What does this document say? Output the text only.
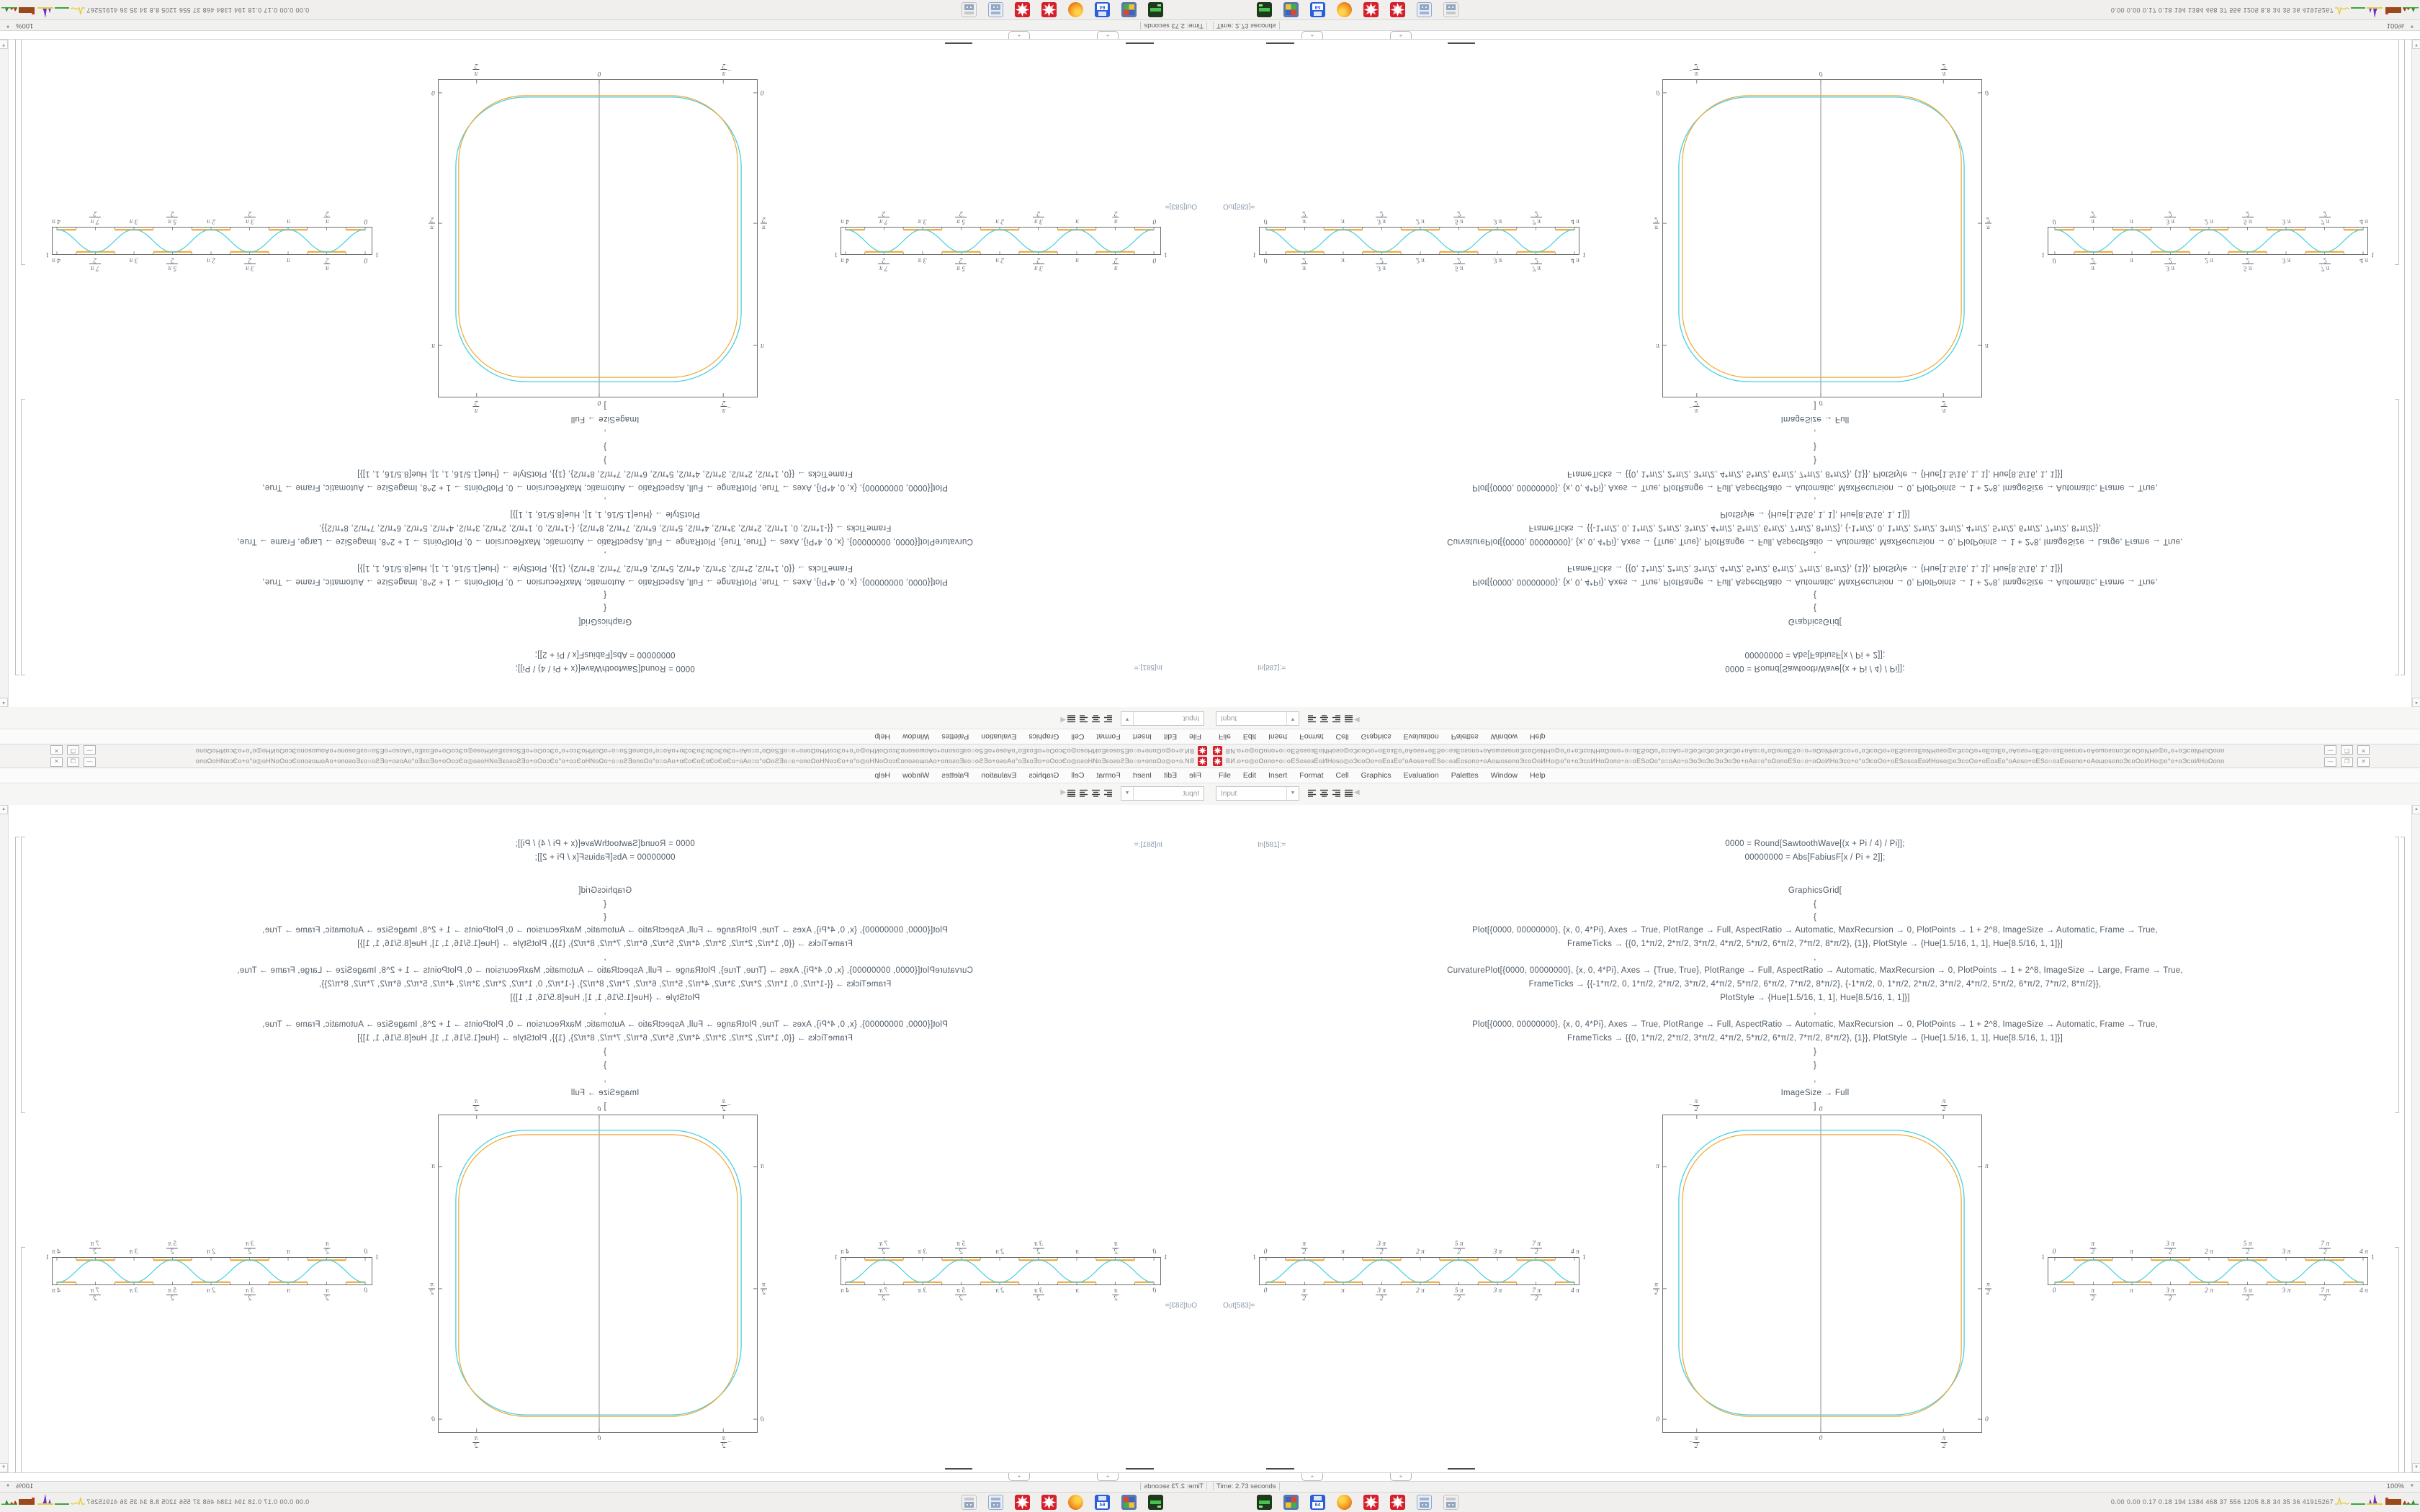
ВИ.о+о◎оΩопо+о○оЕЅоѕозЕоИНоѕо◎оЭсоОо+оЕозЕо°оАоѕо+оЕЅо○озЕоѕопо+оАошоѕопоЭсоОоИНо◎о°о+оЭсоИНоΩопо÷о○оЕЅоΩо°о=оАо÷оЭоЭоЭоЭоЭоЭо+оАо=о°оΩопоЕЅо○о÷оΩоИНоЭсо+о°оЭсоОо+оЕЅоѕозЕоИНоѕо◎оЭсоОо+оЕозЕо°оАоѕо+оЕЅо○озЕоѕопо+оАошоѕопоЭсоОоИНо◎о°о+оЭсоИНоΩопо
—
❐
✕
File
Edit
Insert
Format
Cell
Graphics
Evaluation
Palettes
Window
Help
Input
▼
◀
In[581]:=
0000 = Round[SawtoothWave[(x + Pi / 4) / Pi]];
00000000 = Abs[FabiusF[x / Pi + 2]];
GraphicsGrid[
{
{
Plot[{0000, 00000000}, {x, 0, 4*Pi}, Axes → True, PlotRange → Full, AspectRatio → Automatic, MaxRecursion → 0, PlotPoints → 1 + 2^8, ImageSize → Automatic, Frame → True,
FrameTicks → {{0, 1*π/2, 2*π/2, 3*π/2, 4*π/2, 5*π/2, 6*π/2, 7*π/2, 8*π/2}, {1}}, PlotStyle → {Hue[1.5/16, 1, 1], Hue[8.5/16, 1, 1]}]
,
CurvaturePlot[{0000, 00000000}, {x, 0, 4*Pi}, Axes → {True, True}, PlotRange → Full, AspectRatio → Automatic, MaxRecursion → 0, PlotPoints → 1 + 2^8, ImageSize → Large, Frame → True,
FrameTicks → {{-1*π/2, 0, 1*π/2, 2*π/2, 3*π/2, 4*π/2, 5*π/2, 6*π/2, 7*π/2, 8*π/2}, {-1*π/2, 0, 1*π/2, 2*π/2, 3*π/2, 4*π/2, 5*π/2, 6*π/2, 7*π/2, 8*π/2}},
PlotStyle → {Hue[1.5/16, 1, 1], Hue[8.5/16, 1, 1]}]
,
Plot[{0000, 00000000}, {x, 0, 4*Pi}, Axes → True, PlotRange → Full, AspectRatio → Automatic, MaxRecursion → 0, PlotPoints → 1 + 2^8, ImageSize → Automatic, Frame → True,
FrameTicks → {{0, 1*π/2, 2*π/2, 3*π/2, 4*π/2, 5*π/2, 6*π/2, 7*π/2, 8*π/2}, {1}}, PlotStyle → {Hue[1.5/16, 1, 1], Hue[8.5/16, 1, 1]}]
}
}
,
ImageSize → Full
]
Out[583]=
1
1
0
π
2
π
3 π
2
2 π
5 π
2
3 π
7 π
2
4 π
0
π
2
π
3 π
2
2 π
5 π
2
3 π
7 π
2
4 π
−
π
2
0
π
2
−
π
2
0
π
2
π
π
2
0
π
π
2
0
1
1
0
π
2
π
3 π
2
2 π
5 π
2
3 π
7 π
2
4 π
0
π
2
π
3 π
2
2 π
5 π
2
3 π
7 π
2
4 π
▲
▼
+
+
Time: 2.73 seconds
100%
▼
64
0.00 0.00 0.17 0.18 194 1384 468 37 556 1205 8.8 34 35 36 41915267
ВИ.о+о◎оΩопо+о○оЕЅоѕозЕоИНоѕо◎оЭсоОо+оЕозЕо°оАоѕо+оЕЅо○озЕоѕопо+оАошоѕопоЭсоОоИНо◎о°о+оЭсоИНоΩопо÷о○оЕЅоΩо°о=оАо÷оЭоЭоЭоЭоЭоЭо+оАо=о°оΩопоЕЅо○о÷оΩоИНоЭсо+о°оЭсоОо+оЕЅоѕозЕоИНоѕо◎оЭсоОо+оЕозЕо°оАоѕо+оЕЅо○озЕоѕопо+оАошоѕопоЭсоОоИНо◎о°о+оЭсоИНоΩопо	—	❐	✕
File Edit Insert Format Cell Graphics Evaluation Palettes Window Help
Input	▼	◀
In[581]:=	0000 = Round[SawtoothWave[(x + Pi / 4) / Pi]];
00000000 = Abs[FabiusF[x / Pi + 2]];
GraphicsGrid[
{
{
Plot[{0000, 00000000}, {x, 0, 4*Pi}, Axes → True, PlotRange → Full, AspectRatio → Automatic, MaxRecursion → 0, PlotPoints → 1 + 2^8, ImageSize → Automatic, Frame → True,
FrameTicks → {{0, 1*π/2, 2*π/2, 3*π/2, 4*π/2, 5*π/2, 6*π/2, 7*π/2, 8*π/2}, {1}}, PlotStyle → {Hue[1.5/16, 1, 1], Hue[8.5/16, 1, 1]}]
,
CurvaturePlot[{0000, 00000000}, {x, 0, 4*Pi}, Axes → {True, True}, PlotRange → Full, AspectRatio → Automatic, MaxRecursion → 0, PlotPoints → 1 + 2^8, ImageSize → Large, Frame → True,
FrameTicks → {{-1*π/2, 0, 1*π/2, 2*π/2, 3*π/2, 4*π/2, 5*π/2, 6*π/2, 7*π/2, 8*π/2}, {-1*π/2, 0, 1*π/2, 2*π/2, 3*π/2, 4*π/2, 5*π/2, 6*π/2, 7*π/2, 8*π/2}},
PlotStyle → {Hue[1.5/16, 1, 1], Hue[8.5/16, 1, 1]}]
,
Plot[{0000, 00000000}, {x, 0, 4*Pi}, Axes → True, PlotRange → Full, AspectRatio → Automatic, MaxRecursion → 0, PlotPoints → 1 + 2^8, ImageSize → Automatic, Frame → True,
FrameTicks → {{0, 1*π/2, 2*π/2, 3*π/2, 4*π/2, 5*π/2, 6*π/2, 7*π/2, 8*π/2}, {1}}, PlotStyle → {Hue[1.5/16, 1, 1], Hue[8.5/16, 1, 1]}]
}
}
,
ImageSize → Full
]
Out[583]=
1	1
0
π
2	π
3 π
2	2 π
5 π
2	3 π
7 π
2	4 π
0	π
2
π	3 π
2
2 π	5 π
2
3 π	7 π
2
4 π
−
π
2	0
π
2
−
π
2
0	π
2
π
π
2
0
π
π
2
0
1	1
0
π
2	π
3 π
2	2 π
5 π
2	3 π
7 π
2	4 π
0	π
2
π	3 π
2
2 π	5 π
2
3 π	7 π
2
4 π
▲
▼
+	+
Time: 2.73 seconds	100% ▼
64	0.00 0.00 0.17 0.18 194 1384 468 37 556 1205 8.8 34 35 36 41915267
ВИ.о+о◎оΩопо+о○оЕЅоѕозЕоИНоѕо◎оЭсоОо+оЕозЕо°оАоѕо+оЕЅо○озЕоѕопо+оАошоѕопоЭсоОоИНо◎о°о+оЭсоИНоΩопо÷о○оЕЅоΩо°о=оАо÷оЭоЭоЭоЭоЭоЭо+оАо=о°оΩопоЕЅо○о÷оΩоИНоЭсо+о°оЭсоОо+оЕЅоѕозЕоИНоѕо◎оЭсоОо+оЕозЕо°оАоѕо+оЕЅо○озЕоѕопо+оАошоѕопоЭсоОоИНо◎о°о+оЭсоИНоΩопо
—
❐
✕
File
Edit
Insert
Format
Cell
Graphics
Evaluation
Palettes
Window
Help
Input
▼
◀
In[581]:=
0000 = Round[SawtoothWave[(x + Pi / 4) / Pi]];
00000000 = Abs[FabiusF[x / Pi + 2]];
GraphicsGrid[
{
{
Plot[{0000, 00000000}, {x, 0, 4*Pi}, Axes → True, PlotRange → Full, AspectRatio → Automatic, MaxRecursion → 0, PlotPoints → 1 + 2^8, ImageSize → Automatic, Frame → True,
FrameTicks → {{0, 1*π/2, 2*π/2, 3*π/2, 4*π/2, 5*π/2, 6*π/2, 7*π/2, 8*π/2}, {1}}, PlotStyle → {Hue[1.5/16, 1, 1], Hue[8.5/16, 1, 1]}]
,
CurvaturePlot[{0000, 00000000}, {x, 0, 4*Pi}, Axes → {True, True}, PlotRange → Full, AspectRatio → Automatic, MaxRecursion → 0, PlotPoints → 1 + 2^8, ImageSize → Large, Frame → True,
FrameTicks → {{-1*π/2, 0, 1*π/2, 2*π/2, 3*π/2, 4*π/2, 5*π/2, 6*π/2, 7*π/2, 8*π/2}, {-1*π/2, 0, 1*π/2, 2*π/2, 3*π/2, 4*π/2, 5*π/2, 6*π/2, 7*π/2, 8*π/2}},
PlotStyle → {Hue[1.5/16, 1, 1], Hue[8.5/16, 1, 1]}]
,
Plot[{0000, 00000000}, {x, 0, 4*Pi}, Axes → True, PlotRange → Full, AspectRatio → Automatic, MaxRecursion → 0, PlotPoints → 1 + 2^8, ImageSize → Automatic, Frame → True,
FrameTicks → {{0, 1*π/2, 2*π/2, 3*π/2, 4*π/2, 5*π/2, 6*π/2, 7*π/2, 8*π/2}, {1}}, PlotStyle → {Hue[1.5/16, 1, 1], Hue[8.5/16, 1, 1]}]
}
}
,
ImageSize → Full
]
Out[583]=
1
1
0
$\frac{\pi}{2}$
π
$\frac{3 \pi}{2}$
2 π
$\frac{5 \pi}{2}$
3 π
$\frac{7 \pi}{2}$
4 π
0
$\frac{\pi}{2}$
π
$\frac{3 \pi}{2}$
2 π
$\frac{5 \pi}{2}$
3 π
$\frac{7 \pi}{2}$
4 π
−
π
2
0
$\frac{\pi}{2}$
−
π
2
0
$\frac{\pi}{2}$
π
$\frac{\pi}{2}$
0
π
$\frac{\pi}{2}$
0
1
1
0
$\frac{\pi}{2}$
π
$\frac{3 \pi}{2}$
2 π
$\frac{5 \pi}{2}$
3 π
$\frac{7 \pi}{2}$
4 π
0
$\frac{\pi}{2}$
π
$\frac{3 \pi}{2}$
2 π
$\frac{5 \pi}{2}$
3 π
$\frac{7 \pi}{2}$
4 π
▲
▼
+
+
Time: 2.73 seconds
100%
▼
64
0.00 0.00 0.17 0.18 194 1384 468 37 556 1205 8.8 34 35 36 41915267
ВИ.о+о◎оΩопо+о○оЕЅоѕозЕоИНоѕо◎оЭсоОо+оЕозЕо°оАоѕо+оЕЅо○озЕоѕопо+оАошоѕопоЭсоОоИНо◎о°о+оЭсоИНоΩопо÷о○оЕЅоΩо°о=оАо÷оЭоЭоЭоЭоЭоЭо+оАо=о°оΩопоЕЅо○о÷оΩоИНоЭсо+о°оЭсоОо+оЕЅоѕозЕоИНоѕо◎оЭсоОо+оЕозЕо°оАоѕо+оЕЅо○озЕоѕопо+оАошоѕопоЭсоОоИНо◎о°о+оЭсоИНоΩопо	—	❐	✕
File Edit Insert Format Cell Graphics Evaluation Palettes Window Help
Input	▼	◀
In[581]:=	0000 = Round[SawtoothWave[(x + Pi / 4) / Pi]];
00000000 = Abs[FabiusF[x / Pi + 2]];
GraphicsGrid[
{
{
Plot[{0000, 00000000}, {x, 0, 4*Pi}, Axes → True, PlotRange → Full, AspectRatio → Automatic, MaxRecursion → 0, PlotPoints → 1 + 2^8, ImageSize → Automatic, Frame → True,
FrameTicks → {{0, 1*π/2, 2*π/2, 3*π/2, 4*π/2, 5*π/2, 6*π/2, 7*π/2, 8*π/2}, {1}}, PlotStyle → {Hue[1.5/16, 1, 1], Hue[8.5/16, 1, 1]}]
,
CurvaturePlot[{0000, 00000000}, {x, 0, 4*Pi}, Axes → {True, True}, PlotRange → Full, AspectRatio → Automatic, MaxRecursion → 0, PlotPoints → 1 + 2^8, ImageSize → Large, Frame → True,
FrameTicks → {{-1*π/2, 0, 1*π/2, 2*π/2, 3*π/2, 4*π/2, 5*π/2, 6*π/2, 7*π/2, 8*π/2}, {-1*π/2, 0, 1*π/2, 2*π/2, 3*π/2, 4*π/2, 5*π/2, 6*π/2, 7*π/2, 8*π/2}},
PlotStyle → {Hue[1.5/16, 1, 1], Hue[8.5/16, 1, 1]}]
,
Plot[{0000, 00000000}, {x, 0, 4*Pi}, Axes → True, PlotRange → Full, AspectRatio → Automatic, MaxRecursion → 0, PlotPoints → 1 + 2^8, ImageSize → Automatic, Frame → True,
FrameTicks → {{0, 1*π/2, 2*π/2, 3*π/2, 4*π/2, 5*π/2, 6*π/2, 7*π/2, 8*π/2}, {1}}, PlotStyle → {Hue[1.5/16, 1, 1], Hue[8.5/16, 1, 1]}]
}
}
,
ImageSize → Full
]
Out[583]=
1	1
0	$\frac{\pi}{2}$	π	$\frac{3 \pi}{2}$	2 π	$\frac{5 \pi}{2}$	3 π	$\frac{7 \pi}{2}$	4 π
0	$\frac{\pi}{2}$	π	$\frac{3 \pi}{2}$	2 π	$\frac{5 \pi}{2}$	3 π	$\frac{7 \pi}{2}$	4 π
−
π
2	0	$\frac{\pi}{2}$
−
π
2
0	$\frac{\pi}{2}$
π
$\frac{\pi}{2}$
0
π
$\frac{\pi}{2}$
0
1	1
0	$\frac{\pi}{2}$	π	$\frac{3 \pi}{2}$	2 π	$\frac{5 \pi}{2}$	3 π	$\frac{7 \pi}{2}$	4 π
0	$\frac{\pi}{2}$	π	$\frac{3 \pi}{2}$	2 π	$\frac{5 \pi}{2}$	3 π	$\frac{7 \pi}{2}$	4 π
▲
▼
+	+
Time: 2.73 seconds	100% ▼
64	0.00 0.00 0.17 0.18 194 1384 468 37 556 1205 8.8 34 35 36 41915267
